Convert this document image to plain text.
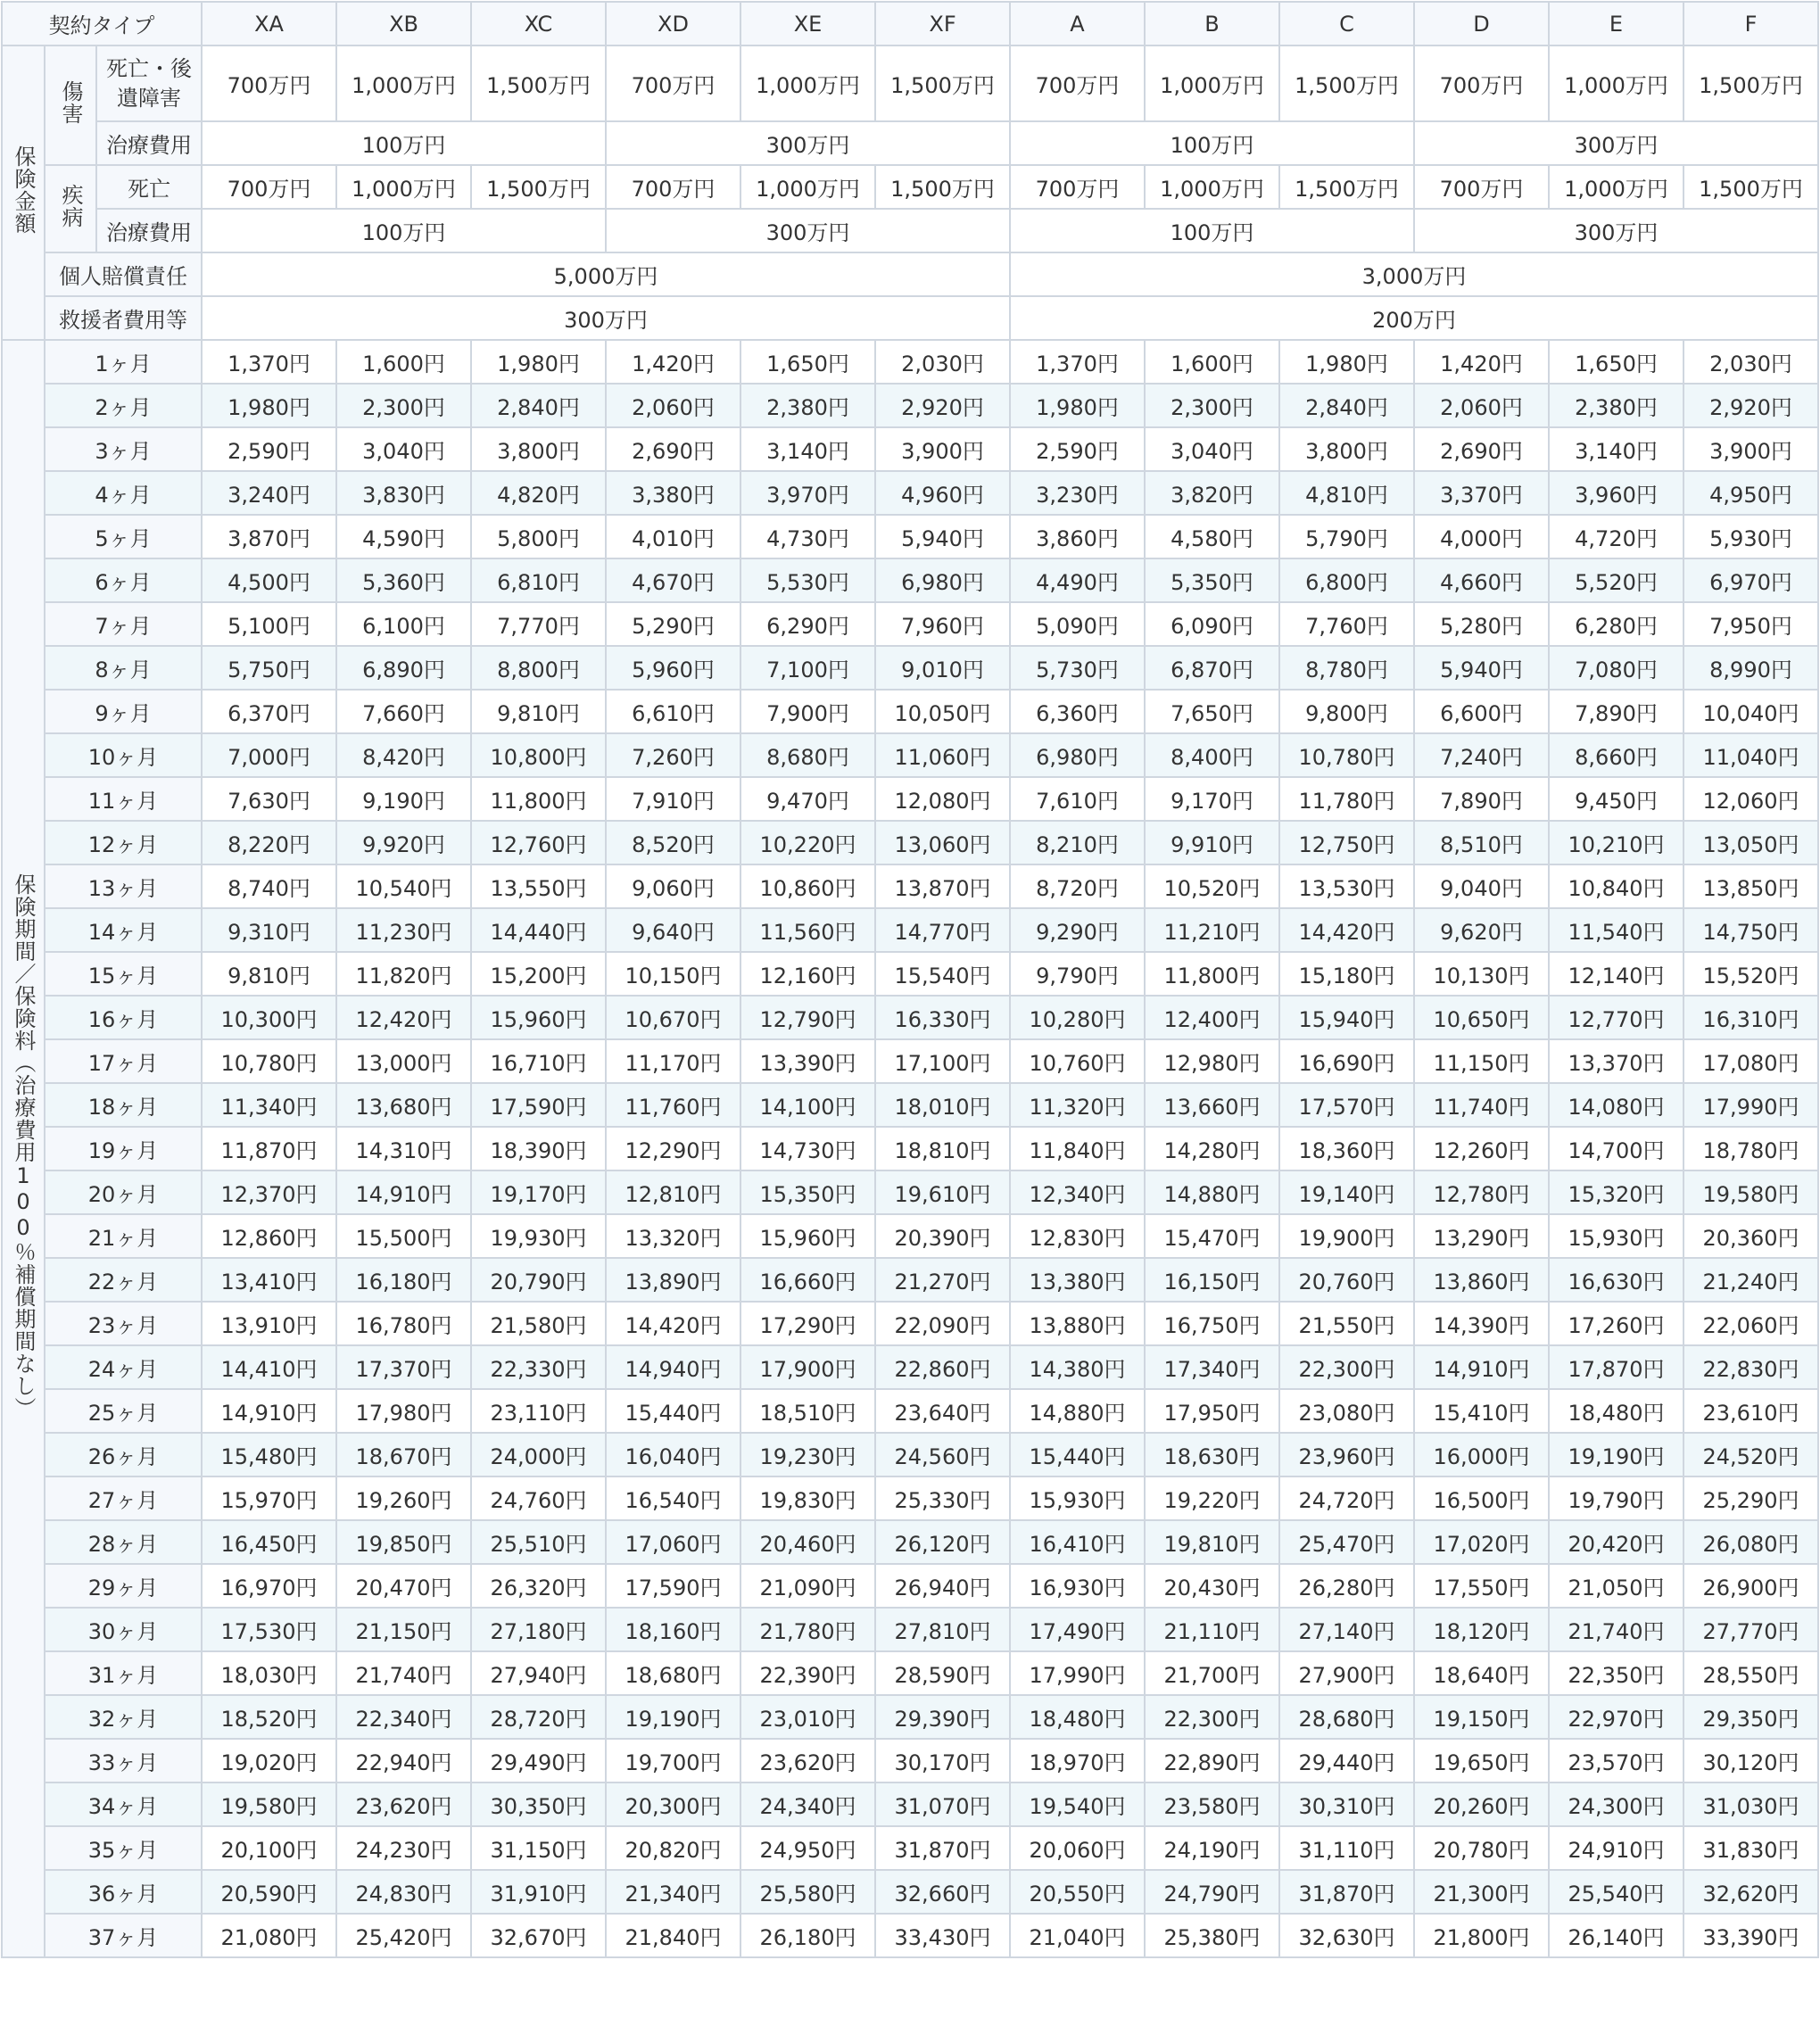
契約タイプ			XA	XB	XC	XD	XE	XF	A	B	C	D	E	F
保険金額	傷害	死亡・後遺障害	700万円	1,000万円	1,500万円	700万円	1,000万円	1,500万円	700万円	1,000万円	1,500万円	700万円	1,000万円	1,500万円
		治療費用	100万円			300万円			100万円			300万円		
	疾病	死亡	700万円	1,000万円	1,500万円	700万円	1,000万円	1,500万円	700万円	1,000万円	1,500万円	700万円	1,000万円	1,500万円
		治療費用	100万円			300万円			100万円			300万円		
	個人賠償責任		5,000万円						3,000万円					
	救援者費用等		300万円						200万円					
保険期間／保険料（治療費用100％補償期間なし）	1ヶ月		1,370円	1,600円	1,980円	1,420円	1,650円	2,030円	1,370円	1,600円	1,980円	1,420円	1,650円	2,030円
	2ヶ月		1,980円	2,300円	2,840円	2,060円	2,380円	2,920円	1,980円	2,300円	2,840円	2,060円	2,380円	2,920円
	3ヶ月		2,590円	3,040円	3,800円	2,690円	3,140円	3,900円	2,590円	3,040円	3,800円	2,690円	3,140円	3,900円
	4ヶ月		3,240円	3,830円	4,820円	3,380円	3,970円	4,960円	3,230円	3,820円	4,810円	3,370円	3,960円	4,950円
	5ヶ月		3,870円	4,590円	5,800円	4,010円	4,730円	5,940円	3,860円	4,580円	5,790円	4,000円	4,720円	5,930円
	6ヶ月		4,500円	5,360円	6,810円	4,670円	5,530円	6,980円	4,490円	5,350円	6,800円	4,660円	5,520円	6,970円
	7ヶ月		5,100円	6,100円	7,770円	5,290円	6,290円	7,960円	5,090円	6,090円	7,760円	5,280円	6,280円	7,950円
	8ヶ月		5,750円	6,890円	8,800円	5,960円	7,100円	9,010円	5,730円	6,870円	8,780円	5,940円	7,080円	8,990円
	9ヶ月		6,370円	7,660円	9,810円	6,610円	7,900円	10,050円	6,360円	7,650円	9,800円	6,600円	7,890円	10,040円
	10ヶ月		7,000円	8,420円	10,800円	7,260円	8,680円	11,060円	6,980円	8,400円	10,780円	7,240円	8,660円	11,040円
	11ヶ月		7,630円	9,190円	11,800円	7,910円	9,470円	12,080円	7,610円	9,170円	11,780円	7,890円	9,450円	12,060円
	12ヶ月		8,220円	9,920円	12,760円	8,520円	10,220円	13,060円	8,210円	9,910円	12,750円	8,510円	10,210円	13,050円
	13ヶ月		8,740円	10,540円	13,550円	9,060円	10,860円	13,870円	8,720円	10,520円	13,530円	9,040円	10,840円	13,850円
	14ヶ月		9,310円	11,230円	14,440円	9,640円	11,560円	14,770円	9,290円	11,210円	14,420円	9,620円	11,540円	14,750円
	15ヶ月		9,810円	11,820円	15,200円	10,150円	12,160円	15,540円	9,790円	11,800円	15,180円	10,130円	12,140円	15,520円
	16ヶ月		10,300円	12,420円	15,960円	10,670円	12,790円	16,330円	10,280円	12,400円	15,940円	10,650円	12,770円	16,310円
	17ヶ月		10,780円	13,000円	16,710円	11,170円	13,390円	17,100円	10,760円	12,980円	16,690円	11,150円	13,370円	17,080円
	18ヶ月		11,340円	13,680円	17,590円	11,760円	14,100円	18,010円	11,320円	13,660円	17,570円	11,740円	14,080円	17,990円
	19ヶ月		11,870円	14,310円	18,390円	12,290円	14,730円	18,810円	11,840円	14,280円	18,360円	12,260円	14,700円	18,780円
	20ヶ月		12,370円	14,910円	19,170円	12,810円	15,350円	19,610円	12,340円	14,880円	19,140円	12,780円	15,320円	19,580円
	21ヶ月		12,860円	15,500円	19,930円	13,320円	15,960円	20,390円	12,830円	15,470円	19,900円	13,290円	15,930円	20,360円
	22ヶ月		13,410円	16,180円	20,790円	13,890円	16,660円	21,270円	13,380円	16,150円	20,760円	13,860円	16,630円	21,240円
	23ヶ月		13,910円	16,780円	21,580円	14,420円	17,290円	22,090円	13,880円	16,750円	21,550円	14,390円	17,260円	22,060円
	24ヶ月		14,410円	17,370円	22,330円	14,940円	17,900円	22,860円	14,380円	17,340円	22,300円	14,910円	17,870円	22,830円
	25ヶ月		14,910円	17,980円	23,110円	15,440円	18,510円	23,640円	14,880円	17,950円	23,080円	15,410円	18,480円	23,610円
	26ヶ月		15,480円	18,670円	24,000円	16,040円	19,230円	24,560円	15,440円	18,630円	23,960円	16,000円	19,190円	24,520円
	27ヶ月		15,970円	19,260円	24,760円	16,540円	19,830円	25,330円	15,930円	19,220円	24,720円	16,500円	19,790円	25,290円
	28ヶ月		16,450円	19,850円	25,510円	17,060円	20,460円	26,120円	16,410円	19,810円	25,470円	17,020円	20,420円	26,080円
	29ヶ月		16,970円	20,470円	26,320円	17,590円	21,090円	26,940円	16,930円	20,430円	26,280円	17,550円	21,050円	26,900円
	30ヶ月		17,530円	21,150円	27,180円	18,160円	21,780円	27,810円	17,490円	21,110円	27,140円	18,120円	21,740円	27,770円
	31ヶ月		18,030円	21,740円	27,940円	18,680円	22,390円	28,590円	17,990円	21,700円	27,900円	18,640円	22,350円	28,550円
	32ヶ月		18,520円	22,340円	28,720円	19,190円	23,010円	29,390円	18,480円	22,300円	28,680円	19,150円	22,970円	29,350円
	33ヶ月		19,020円	22,940円	29,490円	19,700円	23,620円	30,170円	18,970円	22,890円	29,440円	19,650円	23,570円	30,120円
	34ヶ月		19,580円	23,620円	30,350円	20,300円	24,340円	31,070円	19,540円	23,580円	30,310円	20,260円	24,300円	31,030円
	35ヶ月		20,100円	24,230円	31,150円	20,820円	24,950円	31,870円	20,060円	24,190円	31,110円	20,780円	24,910円	31,830円
	36ヶ月		20,590円	24,830円	31,910円	21,340円	25,580円	32,660円	20,550円	24,790円	31,870円	21,300円	25,540円	32,620円
	37ヶ月		21,080円	25,420円	32,670円	21,840円	26,180円	33,430円	21,040円	25,380円	32,630円	21,800円	26,140円	33,390円
